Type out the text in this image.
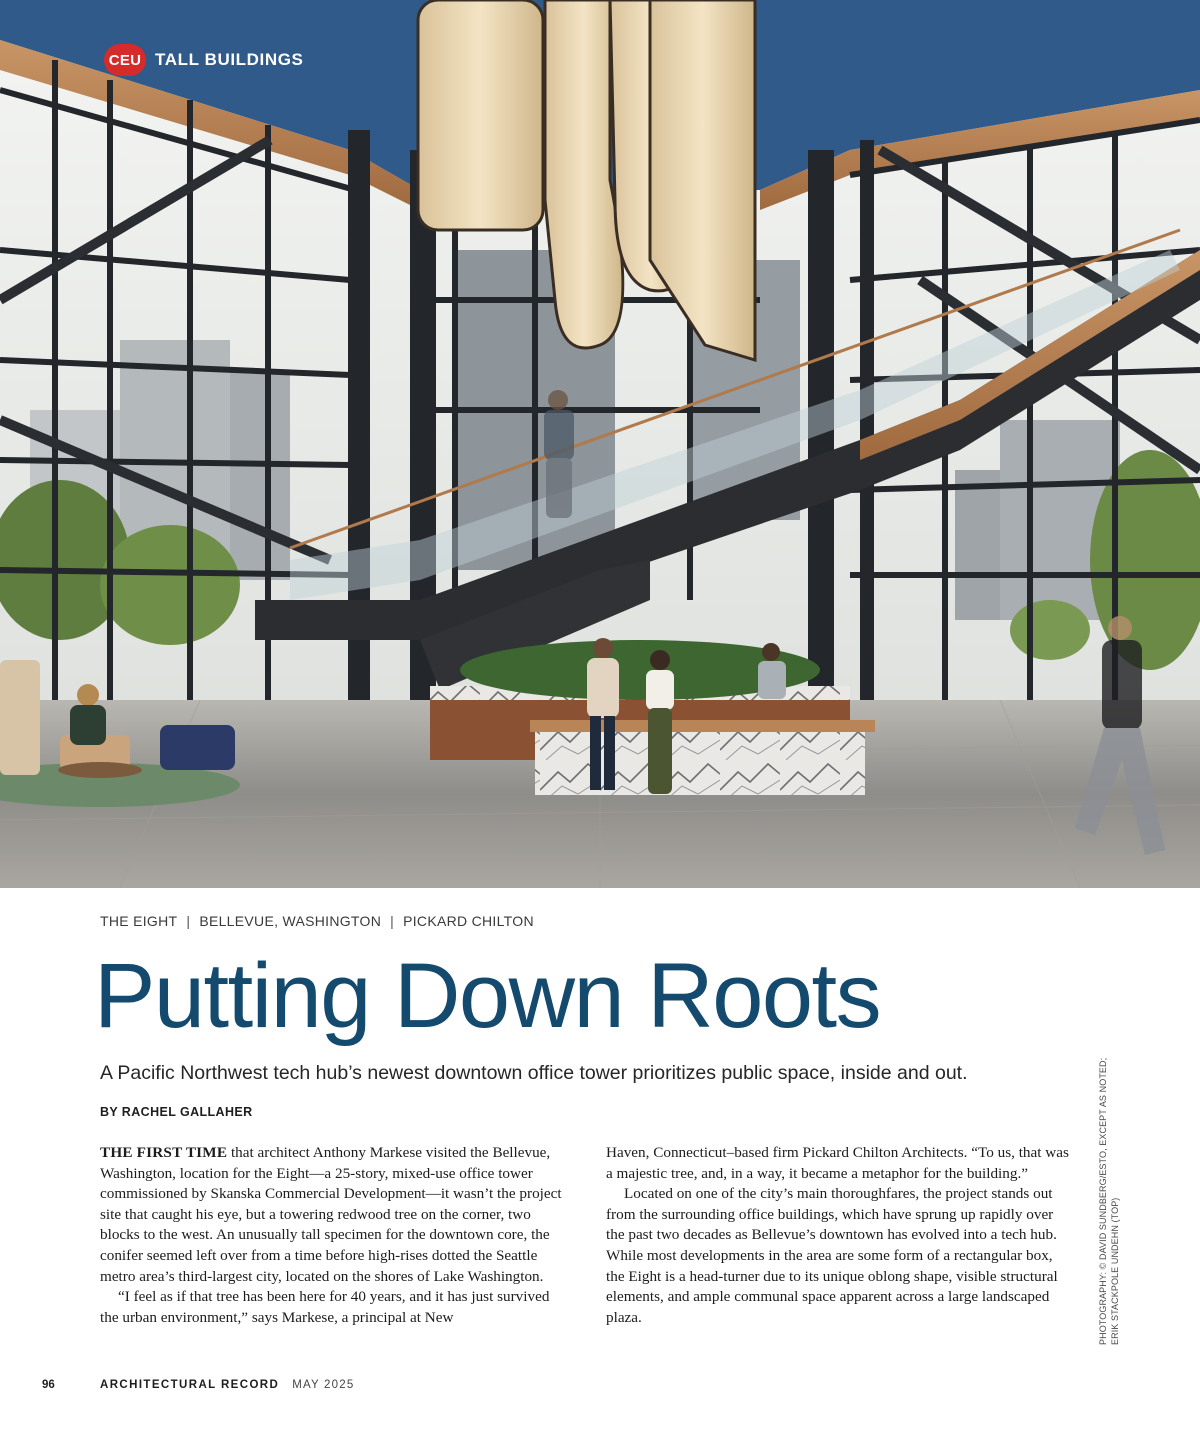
CEU TALL BUILDINGS
THE EIGHT | BELLEVUE, WASHINGTON | PICKARD CHILTON
Putting Down Roots
A Pacific Northwest tech hub’s newest downtown office tower prioritizes public space, inside and out.
BY RACHEL GALLAHER

THE FIRST TIME that architect Anthony Markese visited the Bellevue, Washington, location for the Eight—a 25-story, mixed-use office tower commissioned by Skanska Commercial Development—it wasn’t the project site that caught his eye, but a towering redwood tree on the corner, two blocks to the west. An unusually tall specimen for the downtown core, the conifer seemed left over from a time before high-rises dotted the Seattle metro area’s third-largest city, located on the shores of Lake Washington.

“I feel as if that tree has been here for 40 years, and it has just survived the urban environment,” says Markese, a principal at New

Haven, Connecticut–based firm Pickard Chilton Architects. “To us, that was a majestic tree, and, in a way, it became a metaphor for the building.”

Located on one of the city’s main thoroughfares, the project stands out from the surrounding office buildings, which have sprung up rapidly over the past two decades as Bellevue’s downtown has evolved into a tech hub. While most developments in the area are some form of a rectangular box, the Eight is a head-turner due to its unique oblong shape, visible structural elements, and ample communal space apparent across a large landscaped plaza.	PHOTOGRAPHY: © DAVID SUNDBERG/ESTO, EXCEPT AS NOTED; ERIK STACKPOLE UNDEHN (TOP)
96	ARCHITECTURAL RECORD MAY 2025
